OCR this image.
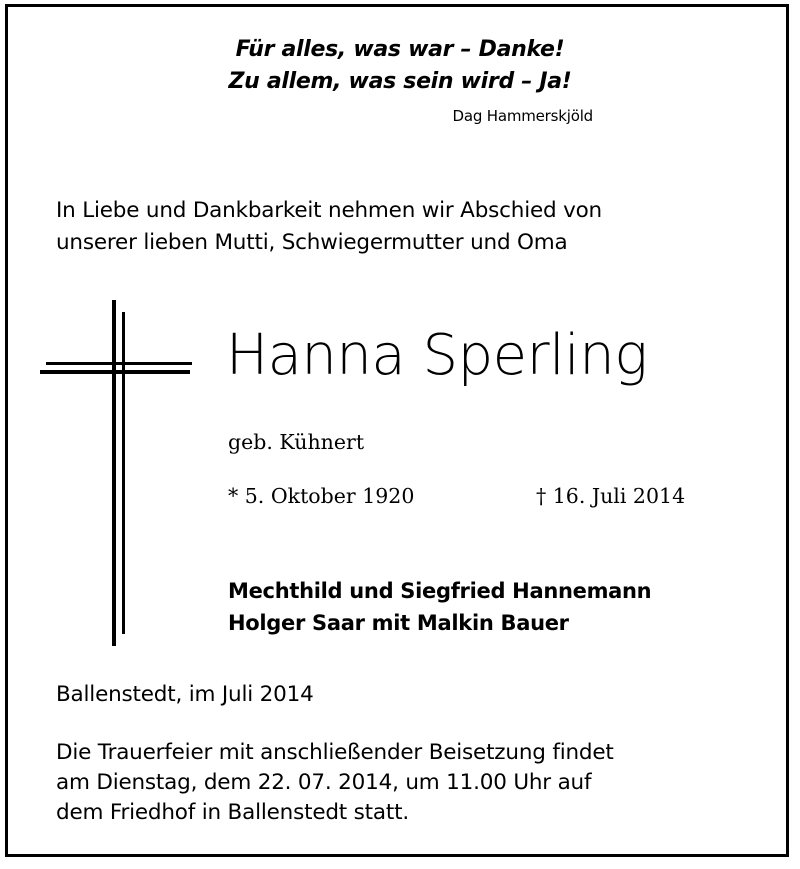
Für alles, was war – Danke!
Zu allem, was sein wird – Ja!
Dag Hammerskjöld
In Liebe und Dankbarkeit nehmen wir Abschied von
unserer lieben Mutti, Schwiegermutter und Oma
Hanna Sperling
geb. Kühnert
* 5. Oktober 1920	† 16. Juli 2014
Mechthild und Siegfried Hannemann
Holger Saar mit Malkin Bauer
Ballenstedt, im Juli 2014
Die Trauerfeier mit anschließender Beisetzung findet
am Dienstag, dem 22. 07. 2014, um 11.00 Uhr auf
dem Friedhof in Ballenstedt statt.
